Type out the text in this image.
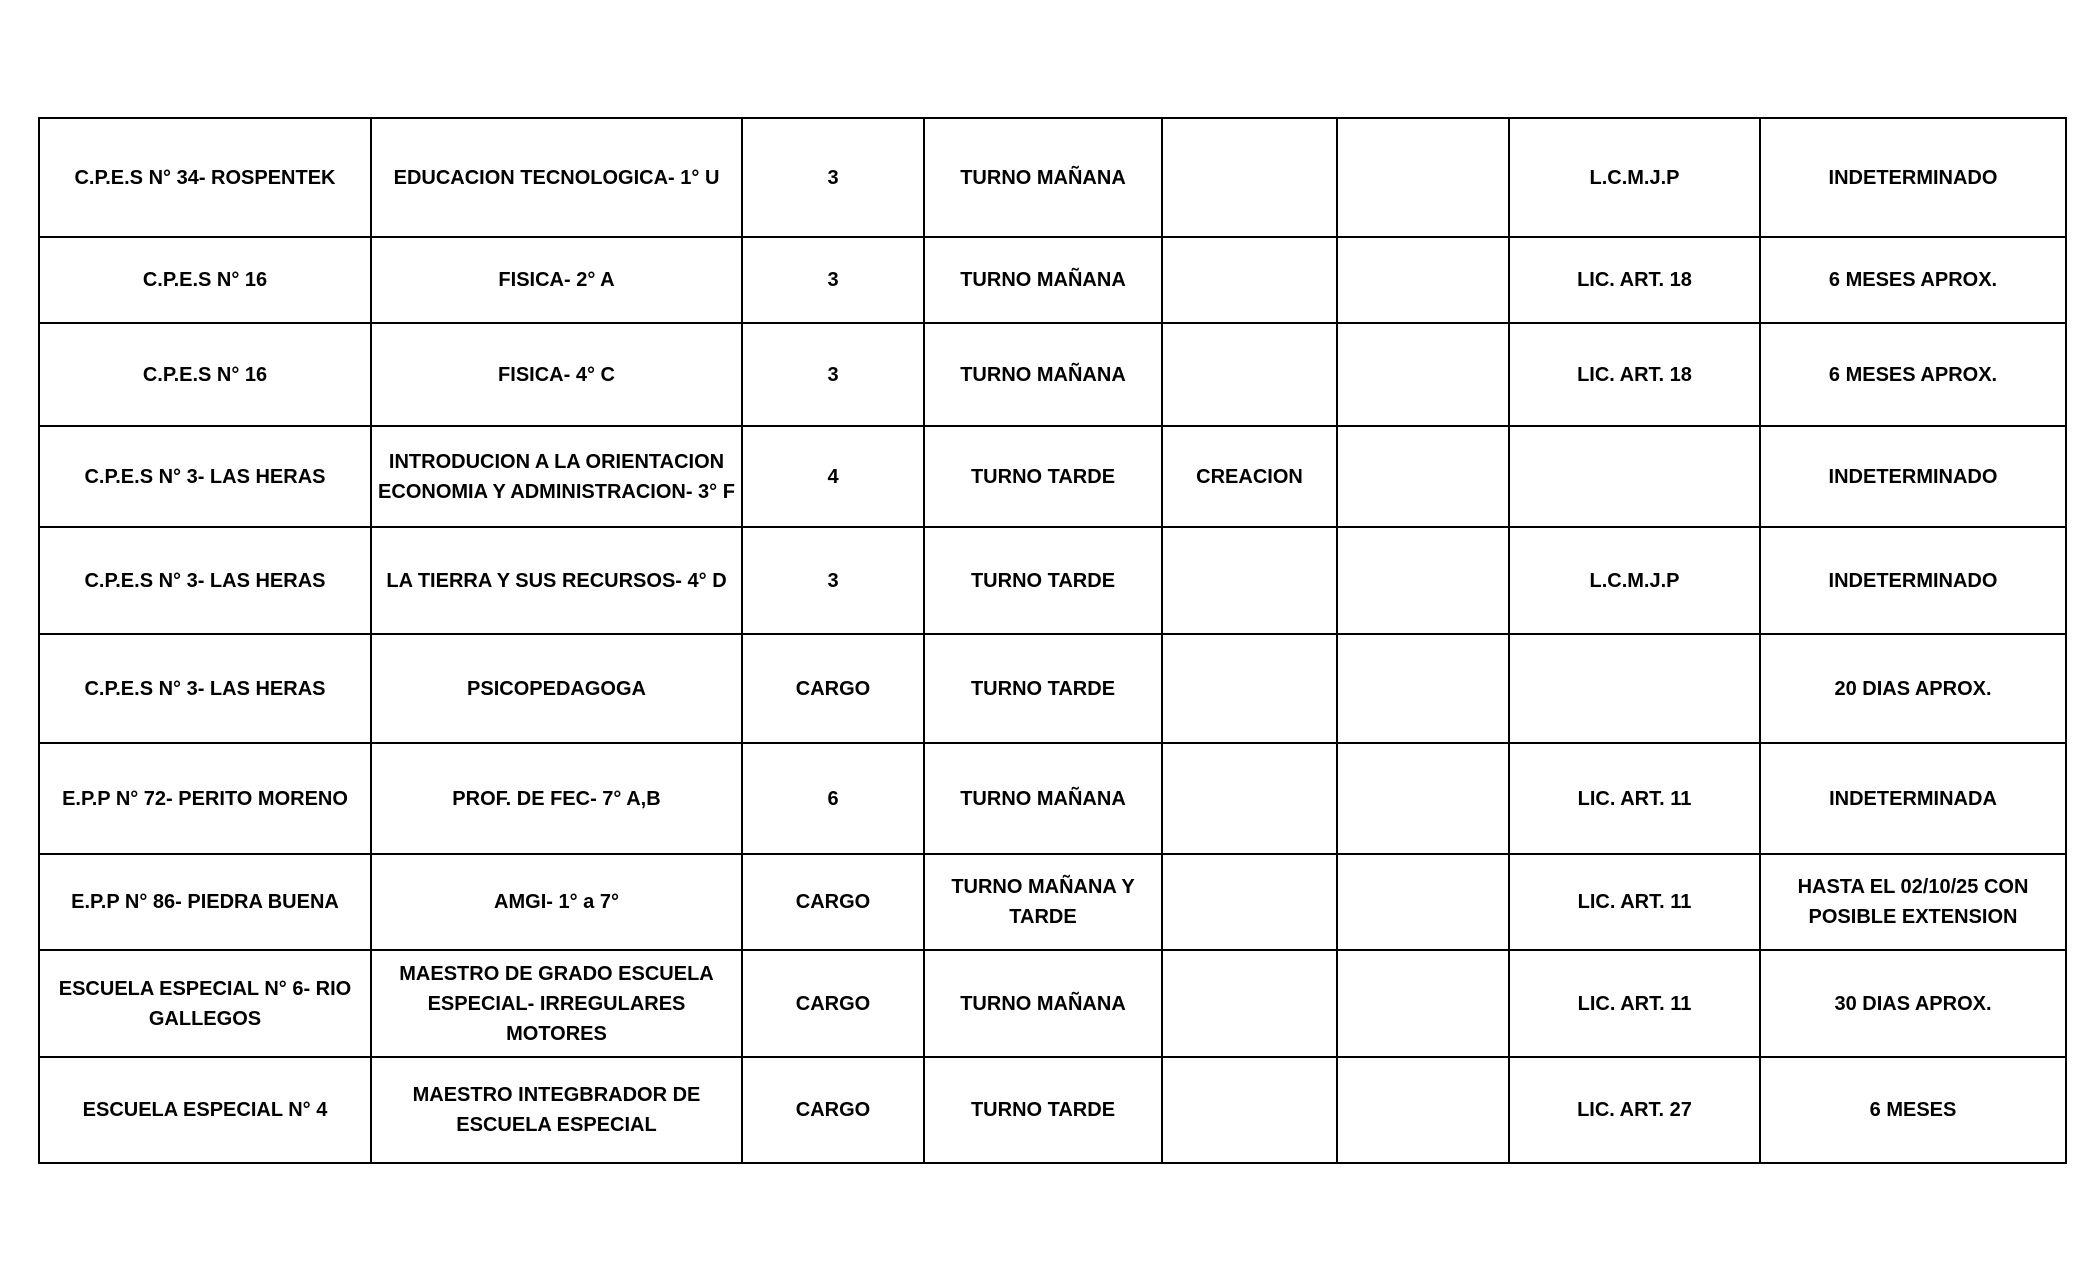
C.P.E.S N° 34- ROSPENTEK	EDUCACION TECNOLOGICA- 1° U	3	TURNO MAÑANA			L.C.M.J.P	INDETERMINADO
C.P.E.S N° 16	FISICA- 2° A	3	TURNO MAÑANA			LIC. ART. 18	6 MESES APROX.
C.P.E.S N° 16	FISICA- 4° C	3	TURNO MAÑANA			LIC. ART. 18	6 MESES APROX.
C.P.E.S N° 3- LAS HERAS	INTRODUCION A LA ORIENTACION ECONOMIA Y ADMINISTRACION- 3° F	4	TURNO TARDE	CREACION			INDETERMINADO
C.P.E.S N° 3- LAS HERAS	LA TIERRA Y SUS RECURSOS- 4° D	3	TURNO TARDE			L.C.M.J.P	INDETERMINADO
C.P.E.S N° 3- LAS HERAS	PSICOPEDAGOGA	CARGO	TURNO TARDE				20 DIAS APROX.
E.P.P N° 72- PERITO MORENO	PROF. DE FEC- 7° A,B	6	TURNO MAÑANA			LIC. ART. 11	INDETERMINADA
E.P.P N° 86- PIEDRA BUENA	AMGI- 1° a 7°	CARGO	TURNO MAÑANA Y TARDE			LIC. ART. 11	HASTA EL 02/10/25 CON POSIBLE EXTENSION
ESCUELA ESPECIAL N° 6- RIO GALLEGOS	MAESTRO DE GRADO ESCUELA ESPECIAL- IRREGULARES MOTORES	CARGO	TURNO MAÑANA			LIC. ART. 11	30 DIAS APROX.
ESCUELA ESPECIAL N° 4	MAESTRO INTEGBRADOR DE ESCUELA ESPECIAL	CARGO	TURNO TARDE			LIC. ART. 27	6 MESES
